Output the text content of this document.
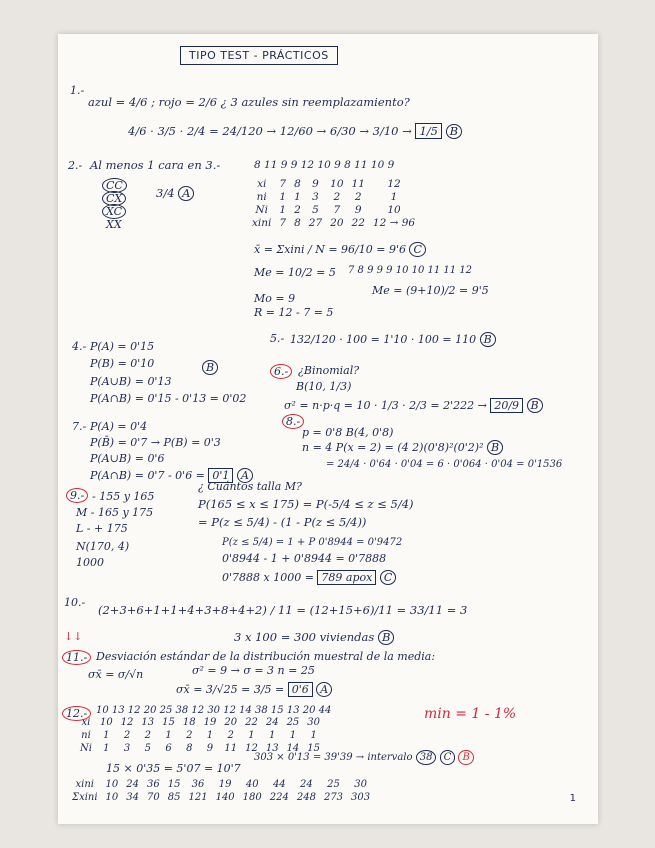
TIPO TEST - PRÁCTICOS
1.-
azul = 4/6 ; rojo = 2/6 ¿ 3 azules sin reemplazamiento?
4/6 · 3/5 · 2/4 = 24/120 → 12/60 → 6/30 → 3/10 → 1/5 B
2.- Al menos 1 cara en 3.-	8 11 9 9 12 10 9 8 11 10 9
CC
CX
XC
XX
3/4 A
xi	7	8	9	10	11	12
ni	1	1	3	2	2	1
Ni	1	2	5	7	9	10
xini	7	8	27	20	22	12 → 96
x̄ = Σxini / N = 96/10 = 9'6 C
Me = 10/2 = 5 7 8 9 9 9 10 10 11 11 12
Me = (9+10)/2 = 9'5
Mo = 9
R = 12 - 7 = 5
4.- P(A) = 0'15
P(B) = 0'10	B
P(A∪B) = 0'13
P(A∩B) = 0'15 - 0'13 = 0'02
5.- 132/120 · 100 = 1'10 · 100 = 110 B
6.- ¿Binomial?
B(10, 1/3)
σ² = n·p·q = 10 · 1/3 · 2/3 = 2'222 → 20/9 B
7.- P(A) = 0'4
P(B̄) = 0'7 → P(B) = 0'3
P(A∪B) = 0'6
P(A∩B) = 0'7 - 0'6 = 0'1 A
8.-
p = 0'8 B(4, 0'8)
n = 4 P(x = 2) = (4 2)(0'8)²(0'2)² B
= 24/4 · 0'64 · 0'04 = 6 · 0'064 · 0'04 = 0'1536
9.- - 155 y 165
M - 165 y 175
L - + 175
N(170, 4)
1000
¿ Cuántos talla M?
P(165 ≤ x ≤ 175) = P(-5/4 ≤ z ≤ 5/4)
= P(z ≤ 5/4) - (1 - P(z ≤ 5/4))
P(z ≤ 5/4) = 1 + P 0'8944 = 0'9472
0'8944 - 1 + 0'8944 = 0'7888
0'7888 x 1000 = 789 apox C
10.-
(2+3+6+1+1+4+3+8+4+2) / 11 = (12+15+6)/11 = 33/11 = 3
↓↓	3 x 100 = 300 viviendas B
11.- Desviación estándar de la distribución muestral de la media:
σx̄ = σ/√n	σ² = 9 → σ = 3 n = 25
σx̄ = 3/√25 = 3/5 = 0'6 A
12.- 10 13 12 20 25 38 12 30 12 14 38 15 13 20 44	min = 1 - 1%
xi	10	12	13	15	18	19	20	22	24	25	30
ni	1	2	2	1	2	1	2	1	1	1	1
Ni	1	3	5	6	8	9	11	12	13	14	15
15 × 0'35 = 5'07 = 10'7
303 × 0'13 = 39'39 → intervalo 38 C B
xini	10	24	36	15	36	19	40	44	24	25	30
Σxini	10	34	70	85	121	140	180	224	248	273	303	1
